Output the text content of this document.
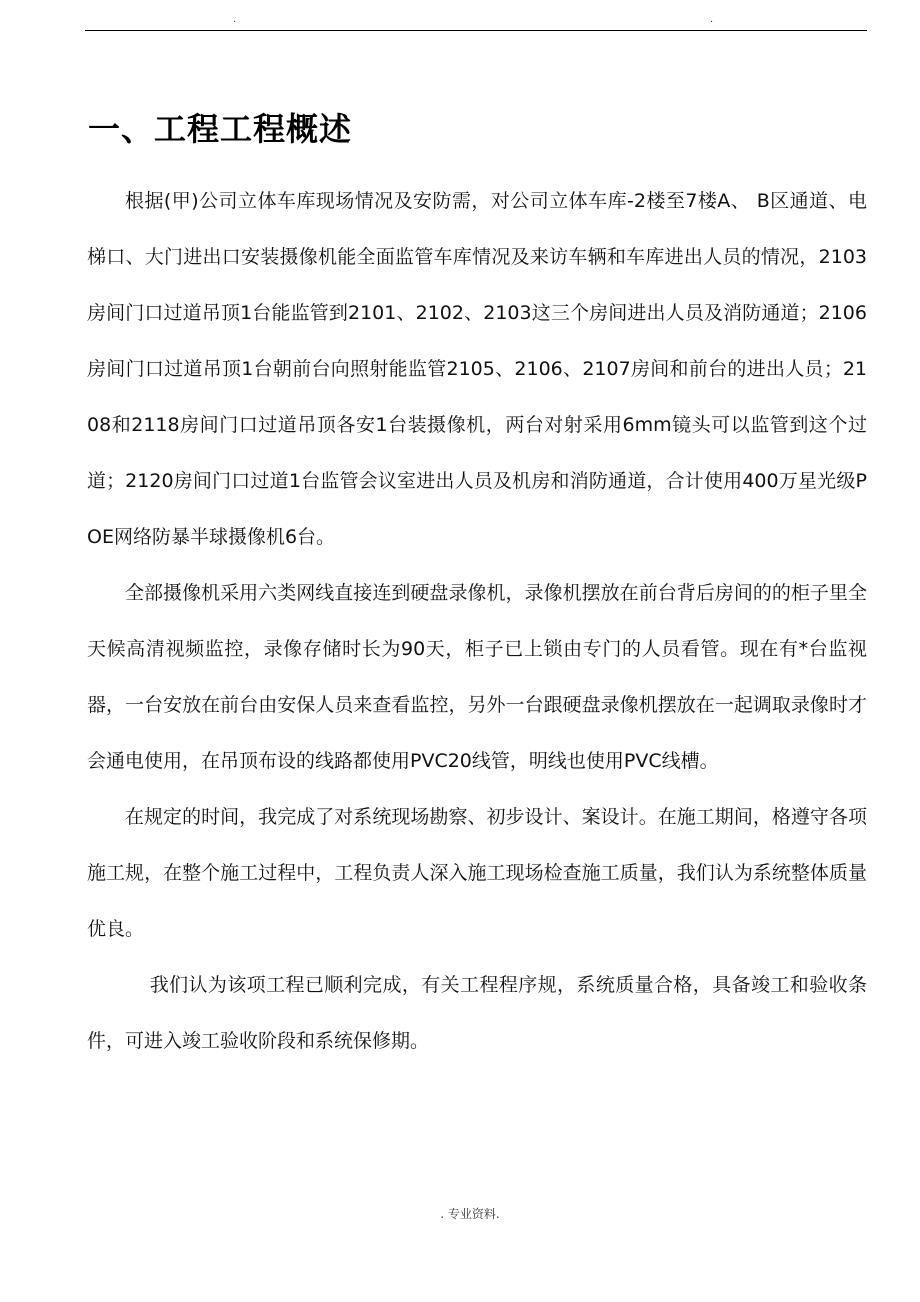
.	.
一、工程工程概述

根据(甲)公司立体车库现场情况及安防需，对公司立体车库-2楼至7楼A、 B区通道、电梯口、大门进出口安装摄像机能全面监管车库情况及来访车辆和车库进出人员的情况，2103房间门口过道吊顶1台能监管到2101、2102、2103这三个房间进出人员及消防通道；2106房间门口过道吊顶1台朝前台向照射能监管2105、2106、2107房间和前台的进出人员；2108和2118房间门口过道吊顶各安1台装摄像机，两台对射采用6mm镜头可以监管到这个过道；2120房间门口过道1台监管会议室进出人员及机房和消防通道，合计使用400万星光级POE网络防暴半球摄像机6台。

全部摄像机采用六类网线直接连到硬盘录像机，录像机摆放在前台背后房间的的柜子里全天候高清视频监控，录像存储时长为90天，柜子已上锁由专门的人员看管。现在有*台监视器，一台安放在前台由安保人员来查看监控，另外一台跟硬盘录像机摆放在一起调取录像时才会通电使用，在吊顶布设的线路都使用PVC20线管，明线也使用PVC线槽。

在规定的时间，我完成了对系统现场勘察、初步设计、案设计。在施工期间，格遵守各项施工规，在整个施工过程中，工程负责人深入施工现场检查施工质量，我们认为系统整体质量优良。

我们认为该项工程已顺利完成，有关工程程序规，系统质量合格，具备竣工和验收条件，可进入竣工验收阶段和系统保修期。

. 专业资料.
